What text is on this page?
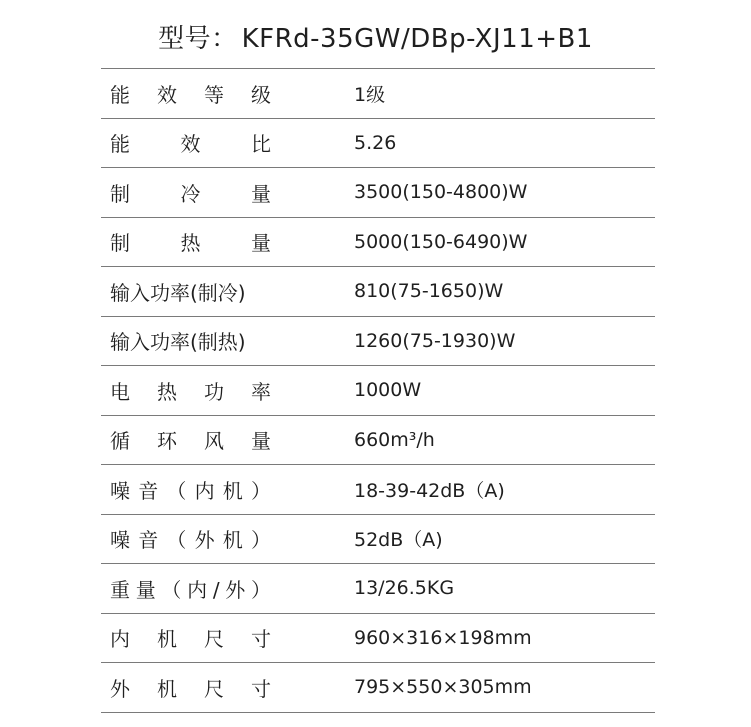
型号： KFRd-35GW/DBp-XJ11+B1
能 效 等 级	1级
能 效 比	5.26
制 冷 量	3500(150-4800)W
制 热 量	5000(150-6490)W
输入功率(制冷)	810(75-1650)W
输入功率(制热)	1260(75-1930)W
电 热 功 率	1000W
循 环 风 量	660m³/h
噪音（内机）	18-39-42dB（A)
噪音（外机）	52dB（A)
重量（内/外）	13/26.5KG
内 机 尺 寸	960×316×198mm
外 机 尺 寸	795×550×305mm
